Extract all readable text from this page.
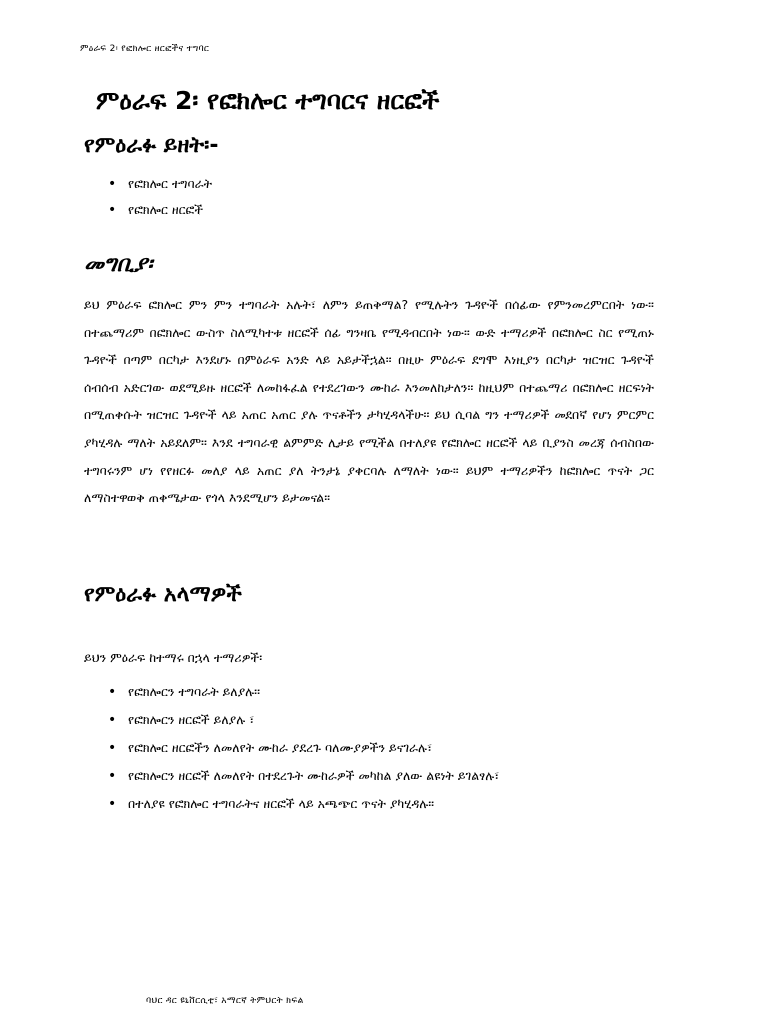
ምዕራፍ 2፡ የፎክሎር ዘርፎችና ተግባር
ምዕራፍ 2፡ የፎክሎር ተግባርና ዘርፎች
የምዕራፉ ይዘት፡-
• የፎክሎር ተግባራት
• የፎክሎር ዘርፎች
መግቢያ፡

ይህ ምዕራፍ ፎክሎር ምን ምን ተግባራት አሉት፣ ለምን ይጠቅማል? የሚሉትን ጉዳዮች በሰፊው የምንመረምርበት ነው፡፡ በተጨማሪም በፎክሎር ውስጥ ስለሚካተቱ ዘርፎች ሰፊ ግንዛቤ የሚዳብርበት ነው፡፡ ውድ ተማሪዎች በፎክሎር ስር የሚጠኑ ጉዳዮች በጣም በርካታ እንደሆኑ በምዕራፍ አንድ ላይ አይታችኋል፡፡ በዚሁ ምዕራፍ ደግሞ እነዚያን በርካታ ዝርዝር ጉዳዮች ሰብሰብ አድርገው ወደሚይዙ ዘርፎች ለመከፋፈል የተደረገውን ሙከራ እንመለከታለን፡፡ ከዚህም በተጨማሪ በፎክሎር ዘርፍነት በሚጠቀሱት ዝርዝር ጉዳዮች ላይ አጠር አጠር ያሉ ጥናቶችን ታካሂዳላችሁ፡፡ ይህ ሲባል ግን ተማሪዎች መደበኛ የሆነ ምርምር ያካሂዳሉ ማለት አይደለም፡፡ እንደ ተግባራዊ ልምምድ ሊታይ የሚችል በተለያዩ የፎክሎር ዘርፎች ላይ ቢያንስ መረጃ ሰብስበው ተግባሩንም ሆነ የየዘርፉ መለያ ላይ አጠር ያለ ትንታኔ ያቀርባሉ ለማለት ነው፡፡ ይህም ተማሪዎችን ከፎክሎር ጥናት ጋር ለማስተዋወቅ ጠቀሜታው የጎላ እንደሚሆን ይታመናል፡፡

የምዕራፉ አላማዎች

ይህን ምዕራፍ ከተማሩ በኋላ ተማሪዎች፡

• የፎክሎርን ተግባራት ይለያሉ፡፡
• የፎክሎርን ዘርፎች ይለያሉ ፣
• የፎክሎር ዘርፎችን ለመለየት ሙከራ ያደረጉ ባለሙያዎችን ይናገራሉ፣
• የፎክሎርን ዘርፎች ለመለየት በተደረጉት ሙከራዎች መካከል ያለው ልዩነት ይገልፃሉ፣
• በተለያዩ የፎክሎር ተግባራትና ዘርፎች ላይ አጫጭር ጥናት ያካሂዳሉ፡፡
ባህር ዳር ዩኒቨርሲቲ፣ አማርኛ ትምህርት ክፍል
